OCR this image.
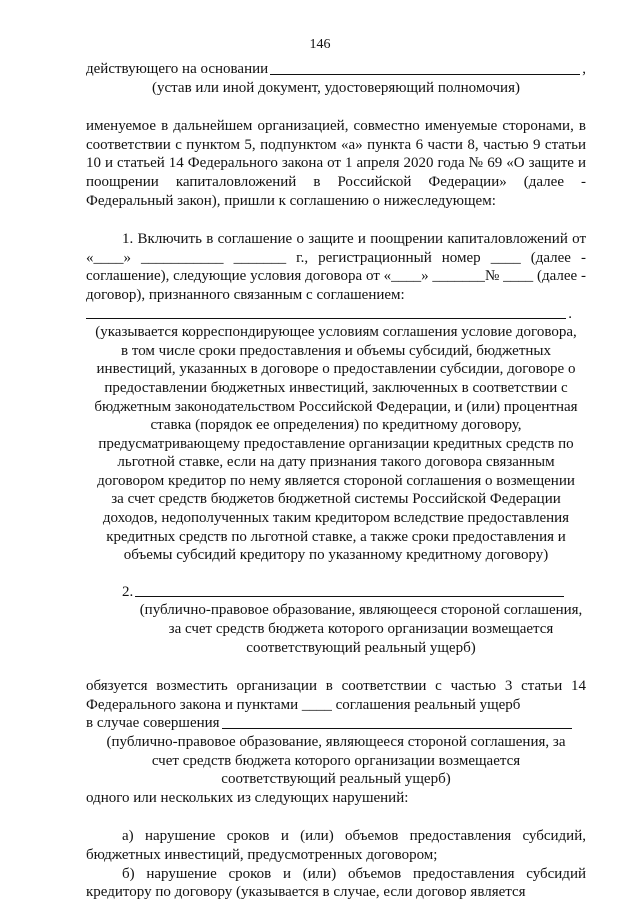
146
действующего на основании	,

(устав или иной документ, удостоверяющий полномочия)

именуемое в дальнейшем организацией, совместно именуемые сторонами, в соответствии с пунктом 5, подпунктом «а» пункта 6 части 8, частью 9 статьи 10 и статьей 14 Федерального закона от 1 апреля 2020 года № 69 «О защите и поощрении капиталовложений в Российской Федерации» (далее - Федеральный закон), пришли к соглашению о нижеследующем:

1. Включить в соглашение о защите и поощрении капиталовложений от «____» ___________ _______ г., регистрационный номер ____ (далее - соглашение), следующие условия договора от «____» _______№ ____ (далее - договор), признанного связанным с соглашением:

.

(указывается корреспондирующее условиям соглашения условие договора, в том числе сроки предоставления и объемы субсидий, бюджетных инвестиций, указанных в договоре о предоставлении субсидии, договоре о предоставлении бюджетных инвестиций, заключенных в соответствии с бюджетным законодательством Российской Федерации, и (или) процентная ставка (порядок ее определения) по кредитному договору, предусматривающему предоставление организации кредитных средств по льготной ставке, если на дату признания такого договора связанным договором кредитор по нему является стороной соглашения о возмещении за счет средств бюджетов бюджетной системы Российской Федерации доходов, недополученных таким кредитором вследствие предоставления кредитных средств по льготной ставке, а также сроки предоставления и объемы субсидий кредитору по указанному кредитному договору)

2.

(публично-правовое образование, являющееся стороной соглашения, за счет средств бюджета которого организации возмещается соответствующий реальный ущерб)

обязуется возместить организации в соответствии с частью 3 статьи 14 Федерального закона и пунктами ____ соглашения реальный ущерб

в случае совершения

(публично-правовое образование, являющееся стороной соглашения, за счет средств бюджета которого организации возмещается соответствующий реальный ущерб)

одного или нескольких из следующих нарушений:

а) нарушение сроков и (или) объемов предоставления субсидий, бюджетных инвестиций, предусмотренных договором;

б) нарушение сроков и (или) объемов предоставления субсидий кредитору по договору (указывается в случае, если договор является
